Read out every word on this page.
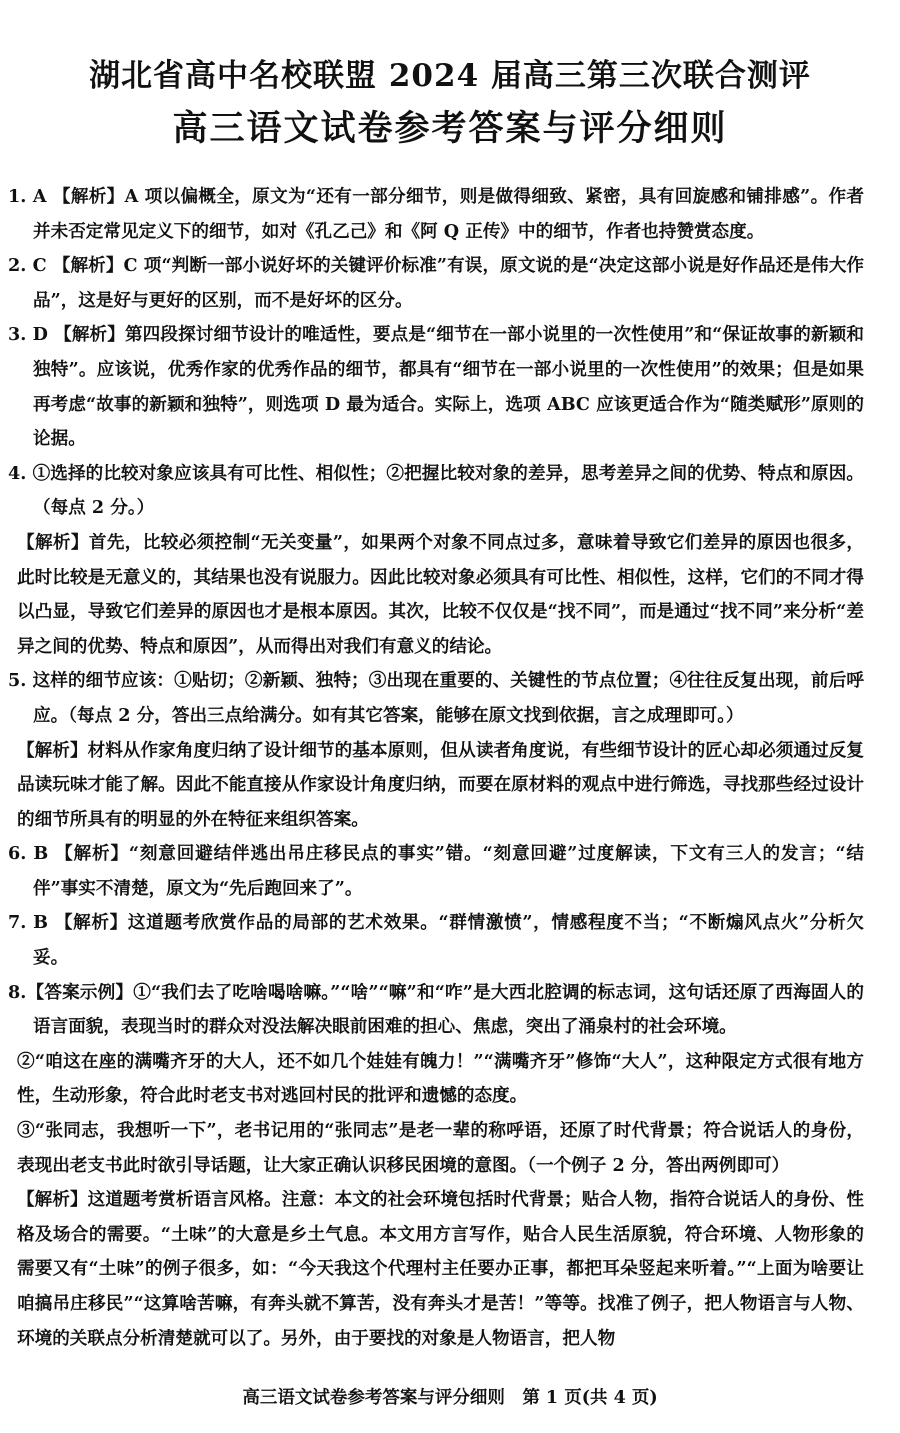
湖北省高中名校联盟 2024 届高三第三次联合测评
高三语文试卷参考答案与评分细则

1. A 【解析】A 项以偏概全，原文为“还有一部分细节，则是做得细致、紧密，具有回旋感和铺排感”。作者并未否定常见定义下的细节，如对《孔乙己》和《阿 Q 正传》中的细节，作者也持赞赏态度。

2. C 【解析】C 项“判断一部小说好坏的关键评价标准”有误，原文说的是“决定这部小说是好作品还是伟大作品”，这是好与更好的区别，而不是好坏的区分。

3. D 【解析】第四段探讨细节设计的唯适性，要点是“细节在一部小说里的一次性使用”和“保证故事的新颖和独特”。应该说，优秀作家的优秀作品的细节，都具有“细节在一部小说里的一次性使用”的效果；但是如果再考虑“故事的新颖和独特”，则选项 D 最为适合。实际上，选项 ABC 应该更适合作为“随类赋形”原则的论据。

4. ①选择的比较对象应该具有可比性、相似性；②把握比较对象的差异，思考差异之间的优势、特点和原因。（每点 2 分。）

【解析】首先，比较必须控制“无关变量”，如果两个对象不同点过多，意味着导致它们差异的原因也很多，此时比较是无意义的，其结果也没有说服力。因此比较对象必须具有可比性、相似性，这样，它们的不同才得以凸显，导致它们差异的原因也才是根本原因。其次，比较不仅仅是“找不同”，而是通过“找不同”来分析“差异之间的优势、特点和原因”，从而得出对我们有意义的结论。

5. 这样的细节应该：①贴切；②新颖、独特；③出现在重要的、关键性的节点位置；④往往反复出现，前后呼应。（每点 2 分，答出三点给满分。如有其它答案，能够在原文找到依据，言之成理即可。）

【解析】材料从作家角度归纳了设计细节的基本原则，但从读者角度说，有些细节设计的匠心却必须通过反复品读玩味才能了解。因此不能直接从作家设计角度归纳，而要在原材料的观点中进行筛选，寻找那些经过设计的细节所具有的明显的外在特征来组织答案。

6. B 【解析】“刻意回避结伴逃出吊庄移民点的事实”错。“刻意回避”过度解读，下文有三人的发言；“结伴”事实不清楚，原文为“先后跑回来了”。

7. B 【解析】这道题考欣赏作品的局部的艺术效果。“群情激愤”，情感程度不当；“不断煽风点火”分析欠妥。

8.【答案示例】①“我们去了吃啥喝啥嘛。”“啥”“嘛”和“咋”是大西北腔调的标志词，这句话还原了西海固人的语言面貌，表现当时的群众对没法解决眼前困难的担心、焦虑，突出了涌泉村的社会环境。

②“咱这在座的满嘴齐牙的大人，还不如几个娃娃有魄力！”“满嘴齐牙”修饰“大人”，这种限定方式很有地方性，生动形象，符合此时老支书对逃回村民的批评和遗憾的态度。

③“张同志，我想听一下”，老书记用的“张同志”是老一辈的称呼语，还原了时代背景；符合说话人的身份，表现出老支书此时欲引导话题，让大家正确认识移民困境的意图。（一个例子 2 分，答出两例即可）

【解析】这道题考赏析语言风格。注意：本文的社会环境包括时代背景；贴合人物，指符合说话人的身份、性格及场合的需要。“土味”的大意是乡土气息。本文用方言写作，贴合人民生活原貌，符合环境、人物形象的需要又有“土味”的例子很多，如：“今天我这个代理村主任要办正事，都把耳朵竖起来听着。”“上面为啥要让咱搞吊庄移民”“这算啥苦嘛，有奔头就不算苦，没有奔头才是苦！”等等。找准了例子，把人物语言与人物、环境的关联点分析清楚就可以了。另外，由于要找的对象是人物语言，把人物

高三语文试卷参考答案与评分细则　第 1 页(共 4 页)
